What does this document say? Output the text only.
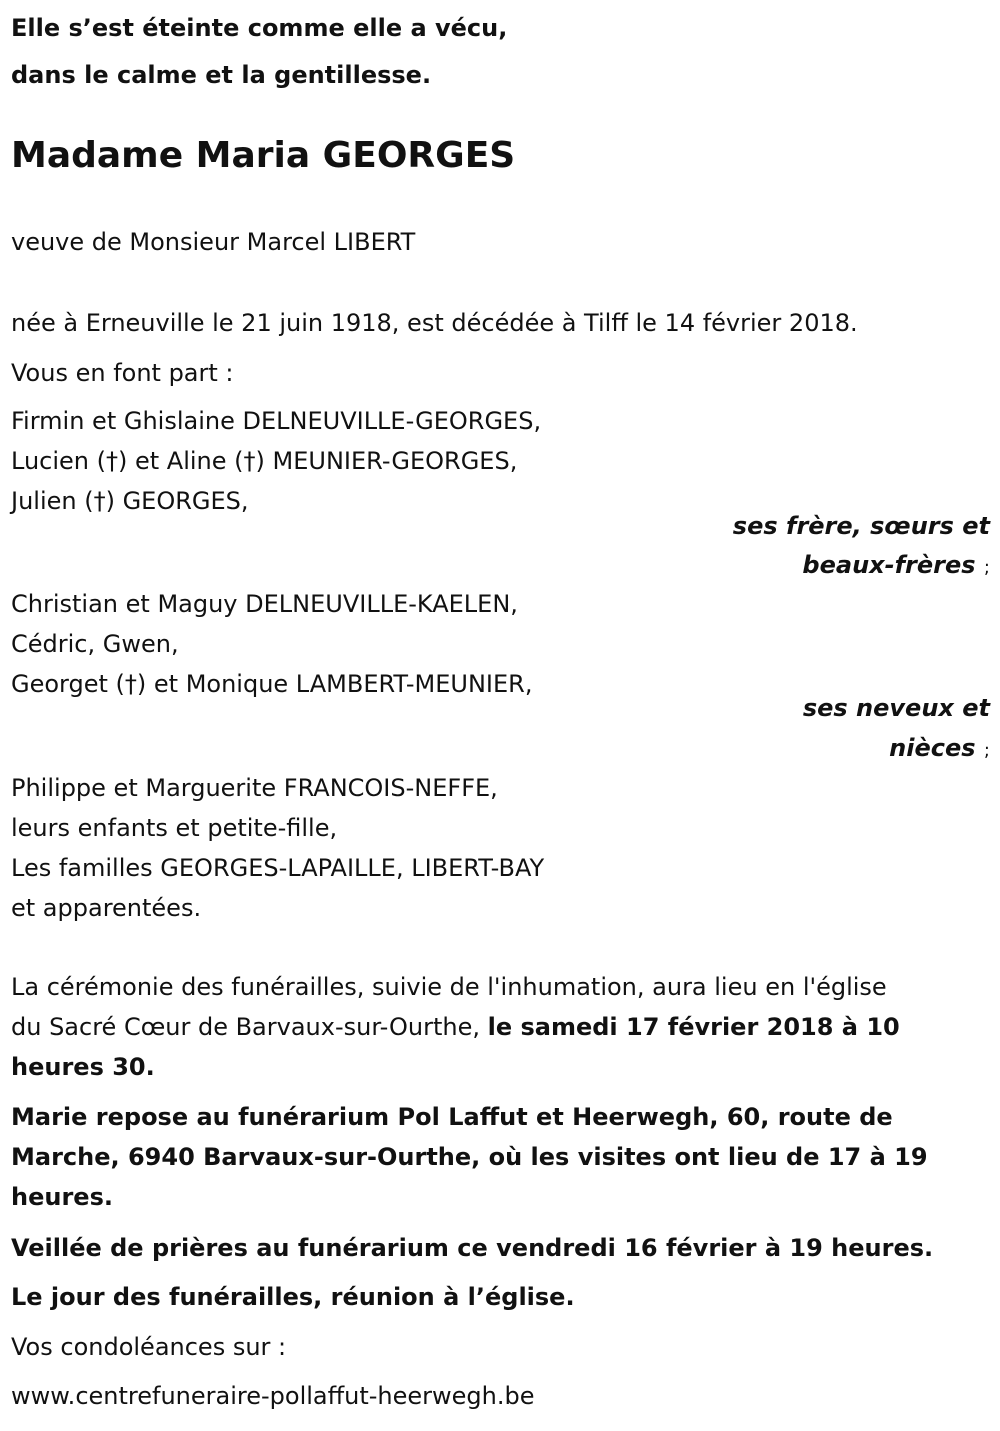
Elle s’est éteinte comme elle a vécu,
dans le calme et la gentillesse.
Madame Maria GEORGES
veuve de Monsieur Marcel LIBERT
née à Erneuville le 21 juin 1918, est décédée à Tilff le 14 février 2018.
Vous en font part :
Firmin et Ghislaine DELNEUVILLE-GEORGES,
Lucien (†) et Aline (†) MEUNIER-GEORGES,
Julien (†) GEORGES,
ses frère, sœurs et
beaux-frères ;
Christian et Maguy DELNEUVILLE-KAELEN,
Cédric, Gwen,
Georget (†) et Monique LAMBERT-MEUNIER,
ses neveux et
nièces ;
Philippe et Marguerite FRANCOIS-NEFFE,
leurs enfants et petite-fille,
Les familles GEORGES-LAPAILLE, LIBERT-BAY
et apparentées.
La cérémonie des funérailles, suivie de l'inhumation, aura lieu en l'église
du Sacré Cœur de Barvaux-sur-Ourthe, le samedi 17 février 2018 à 10
heures 30.
Marie repose au funérarium Pol Laffut et Heerwegh, 60, route de
Marche, 6940 Barvaux-sur-Ourthe, où les visites ont lieu de 17 à 19
heures.
Veillée de prières au funérarium ce vendredi 16 février à 19 heures.
Le jour des funérailles, réunion à l’église.
Vos condoléances sur :
www.centrefuneraire-pollaffut-heerwegh.be
